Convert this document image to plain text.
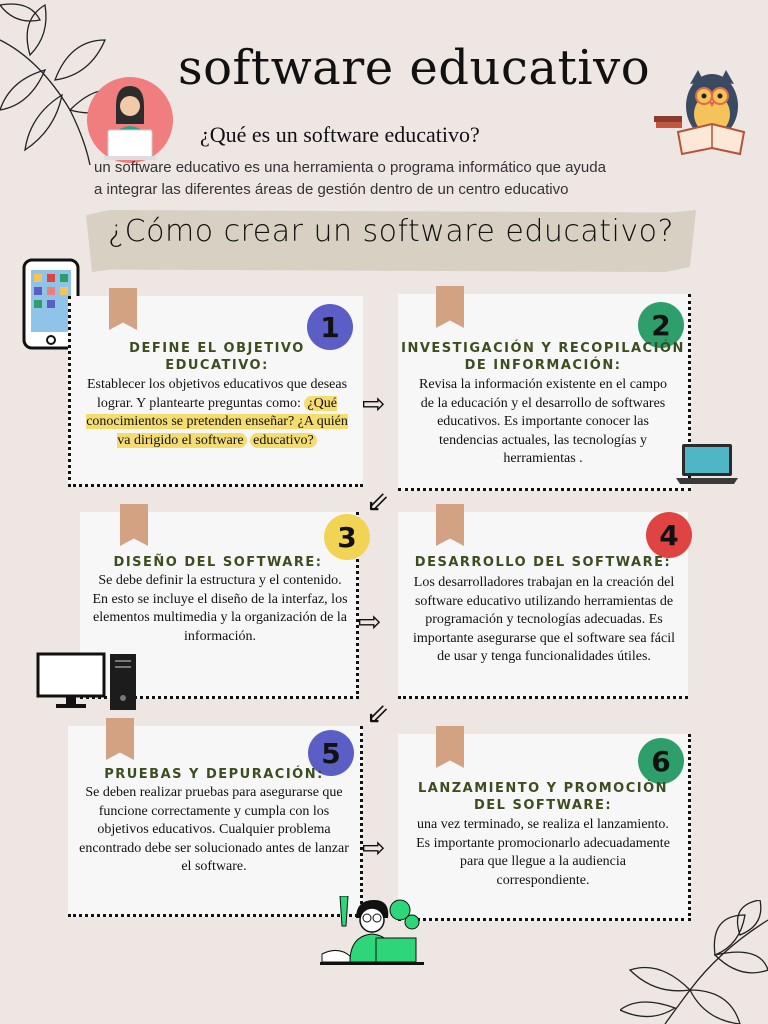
software educativo
¿Qué es un software educativo?
un software educativo es una herramienta o programa informático que ayuda
a integrar las diferentes áreas de gestión dentro de un centro educativo
¿Cómo crear un software educativo?
1
DEFINE EL OBJETIVO
EDUCATIVO:
Establecer los objetivos educativos que deseas lograr. Y plantearte preguntas como: ¿Qué conocimientos se pretenden enseñar? ¿A quién va dirigido el software educativo?
2
INVESTIGACIÓN Y RECOPILACIÓN
DE INFORMACIÓN:
Revisa la información existente en el campo de la educación y el desarrollo de softwares educativos. Es importante conocer las tendencias actuales, las tecnologías y herramientas .
⇨
⇙
3
DISEÑO DEL SOFTWARE:
Se debe definir la estructura y el contenido. En esto se incluye el diseño de la interfaz, los elementos multimedia y la organización de la información.
4
DESARROLLO DEL SOFTWARE:
Los desarrolladores trabajan en la creación del software educativo utilizando herramientas de programación y tecnologías adecuadas. Es importante asegurarse que el software sea fácil de usar y tenga funcionalidades útiles.
⇨
⇙
5
PRUEBAS Y DEPURACIÓN:
Se deben realizar pruebas para asegurarse que funcione correctamente y cumpla con los objetivos educativos. Cualquier problema encontrado debe ser solucionado antes de lanzar el software.
6
LANZAMIENTO Y PROMOCIÓN
DEL SOFTWARE:
una vez terminado, se realiza el lanzamiento. Es importante promocionarlo adecuadamente para que llegue a la audiencia correspondiente.
⇨
